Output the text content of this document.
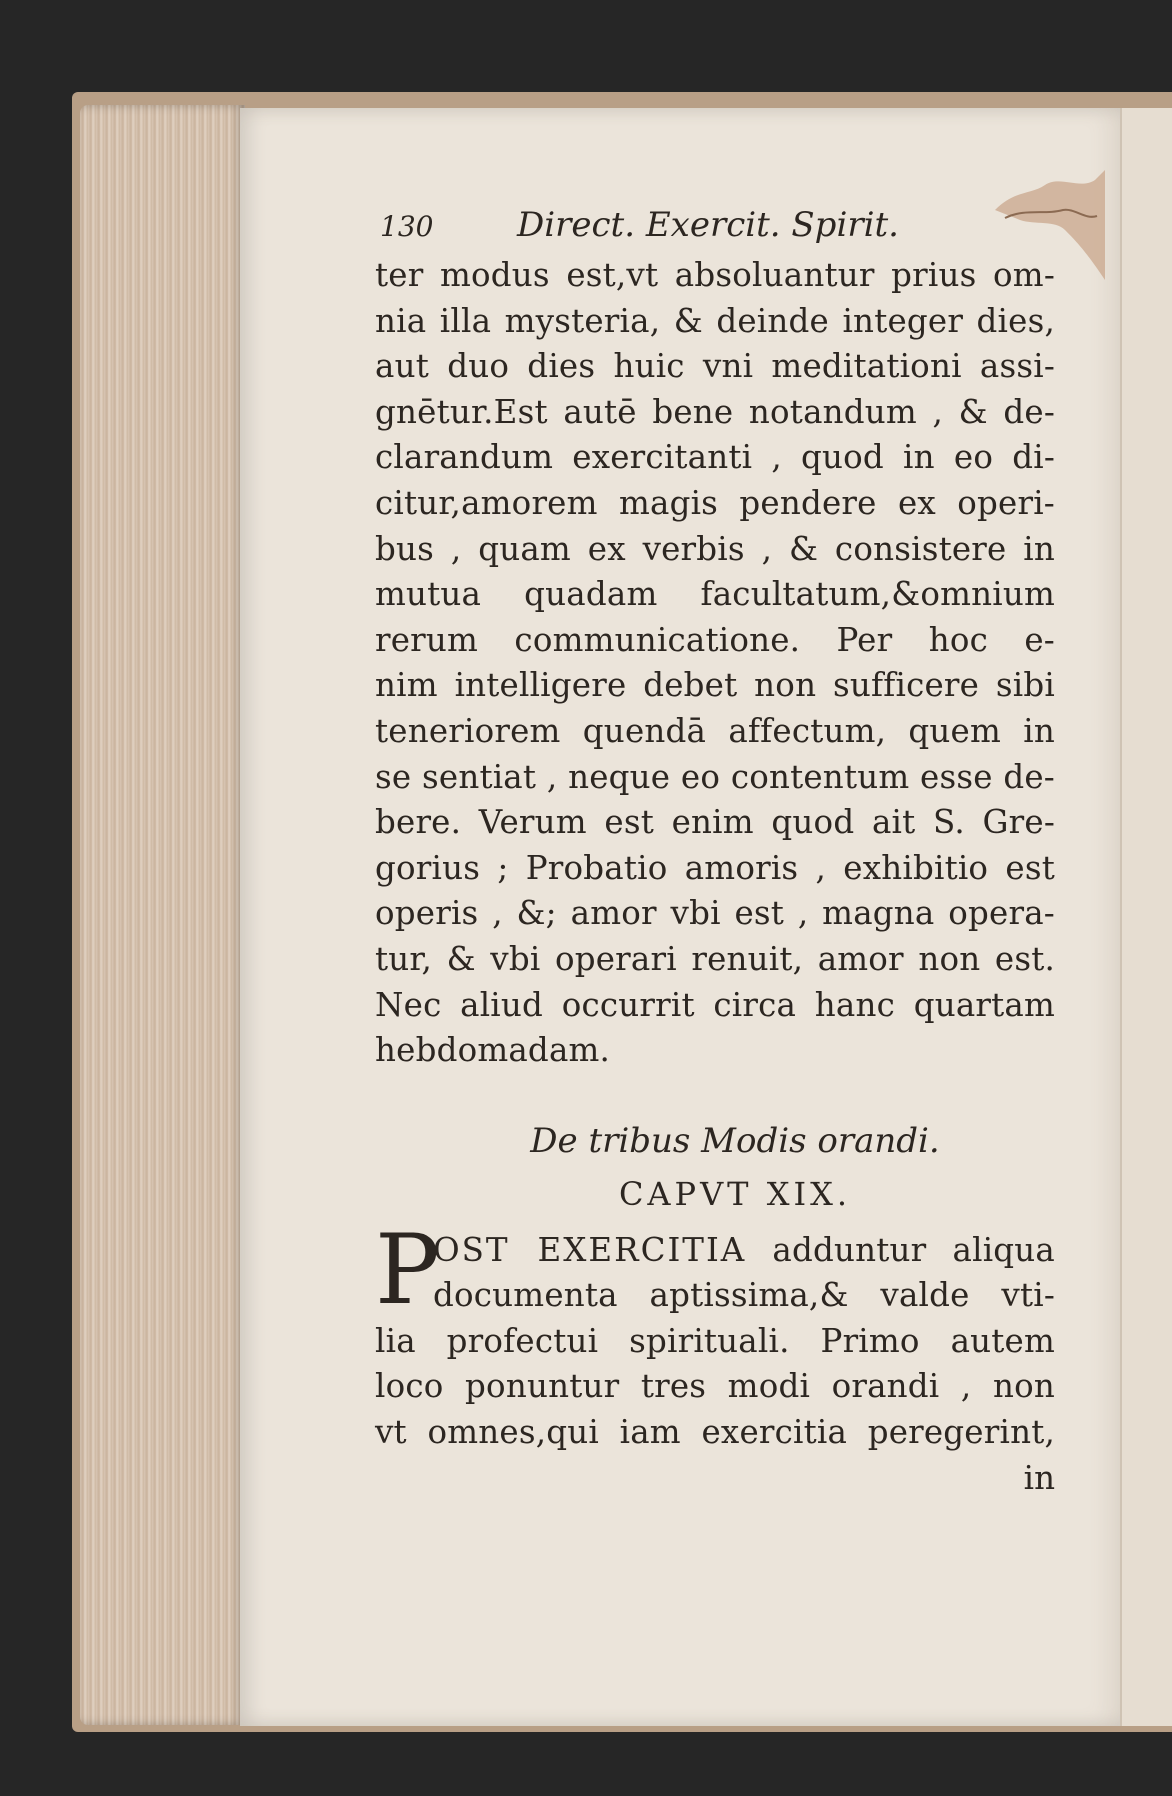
130 Direct. Exercit. Spirit.
ter modus est,vt absoluantur prius om-
nia illa mysteria, & deinde integer dies,
aut duo dies huic vni meditationi assi-
gnētur.Est autē bene notandum , & de-
clarandum exercitanti , quod in eo di-
citur,amorem magis pendere ex operi-
bus , quam ex verbis , & consistere in
mutua quadam facultatum,&omnium
rerum communicatione. Per hoc e-
nim intelligere debet non sufficere sibi
teneriorem quendā affectum, quem in
se sentiat , neque eo contentum esse de-
bere. Verum est enim quod ait S. Gre-
gorius ; Probatio amoris , exhibitio est
operis , &; amor vbi est , magna opera-
tur, & vbi operari renuit, amor non est.
Nec aliud occurrit circa hanc quartam
hebdomadam.
De tribus Modis orandi.
CAPVT XIX.
P
OST EXERCITIA adduntur aliqua
documenta aptissima,& valde vti-
lia profectui spirituali. Primo autem
loco ponuntur tres modi orandi , non
vt omnes,qui iam exercitia peregerint,
in
